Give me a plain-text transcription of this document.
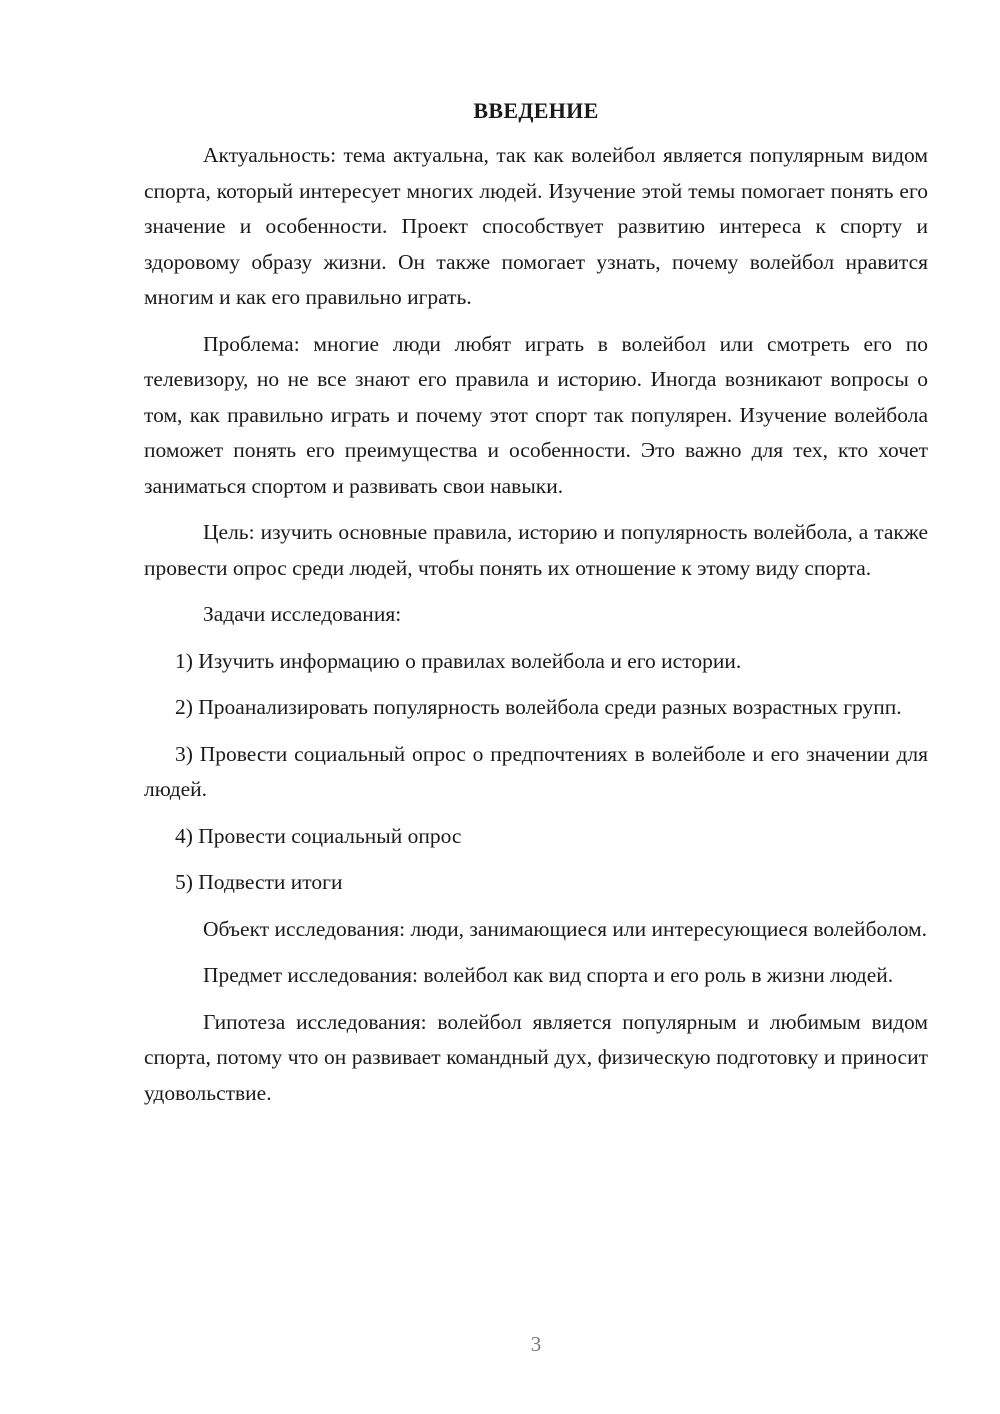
ВВЕДЕНИЕ

Актуальность: тема актуальна, так как волейбол является популярным видом спорта, который интересует многих людей. Изучение этой темы помогает понять его значение и особенности. Проект способствует развитию интереса к спорту и здоровому образу жизни. Он также помогает узнать, почему волейбол нравится многим и как его правильно играть.

Проблема: многие люди любят играть в волейбол или смотреть его по телевизору, но не все знают его правила и историю. Иногда возникают вопросы о том, как правильно играть и почему этот спорт так популярен. Изучение волейбола поможет понять его преимущества и особенности. Это важно для тех, кто хочет заниматься спортом и развивать свои навыки.

Цель: изучить основные правила, историю и популярность волейбола, а также провести опрос среди людей, чтобы понять их отношение к этому виду спорта.

Задачи исследования:

1) Изучить информацию о правилах волейбола и его истории.

2) Проанализировать популярность волейбола среди разных возрастных групп.

3) Провести социальный опрос о предпочтениях в волейболе и его значении для людей.

4) Провести социальный опрос

5) Подвести итоги

Объект исследования: люди, занимающиеся или интересующиеся волейболом.

Предмет исследования: волейбол как вид спорта и его роль в жизни людей.

Гипотеза исследования: волейбол является популярным и любимым видом спорта, потому что он развивает командный дух, физическую подготовку и приносит удовольствие.

3
